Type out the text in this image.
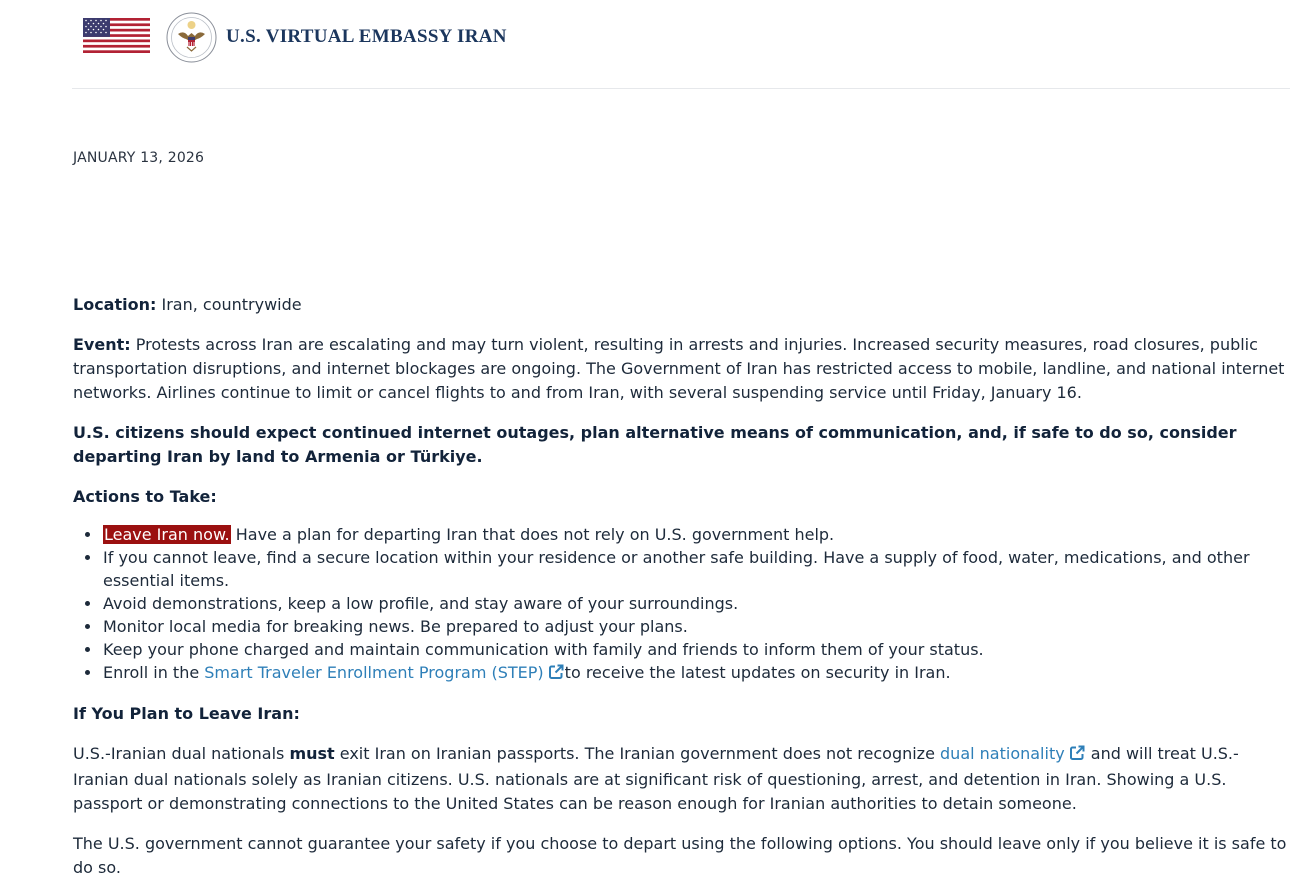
U.S. VIRTUAL EMBASSY IRAN
JANUARY 13, 2026

Location: Iran, countrywide

Event: Protests across Iran are escalating and may turn violent, resulting in arrests and injuries. Increased security measures, road closures, public transportation disruptions, and internet blockages are ongoing. The Government of Iran has restricted access to mobile, landline, and national internet networks. Airlines continue to limit or cancel flights to and from Iran, with several suspending service until Friday, January 16.

U.S. citizens should expect continued internet outages, plan alternative means of communication, and, if safe to do so, consider departing Iran by land to Armenia or Türkiye.

Actions to Take:

Leave Iran now. Have a plan for departing Iran that does not rely on U.S. government help.
If you cannot leave, find a secure location within your residence or another safe building. Have a supply of food, water, medications, and other essential items.
Avoid demonstrations, keep a low profile, and stay aware of your surroundings.
Monitor local media for breaking news. Be prepared to adjust your plans.
Keep your phone charged and maintain communication with family and friends to inform them of your status.
Enroll in the Smart Traveler Enrollment Program (STEP) to receive the latest updates on security in Iran.

If You Plan to Leave Iran:

U.S.-Iranian dual nationals must exit Iran on Iranian passports. The Iranian government does not recognize dual nationality and will treat U.S.-Iranian dual nationals solely as Iranian citizens. U.S. nationals are at significant risk of questioning, arrest, and detention in Iran. Showing a U.S. passport or demonstrating connections to the United States can be reason enough for Iranian authorities to detain someone.

The U.S. government cannot guarantee your safety if you choose to depart using the following options. You should leave only if you believe it is safe to do so.
